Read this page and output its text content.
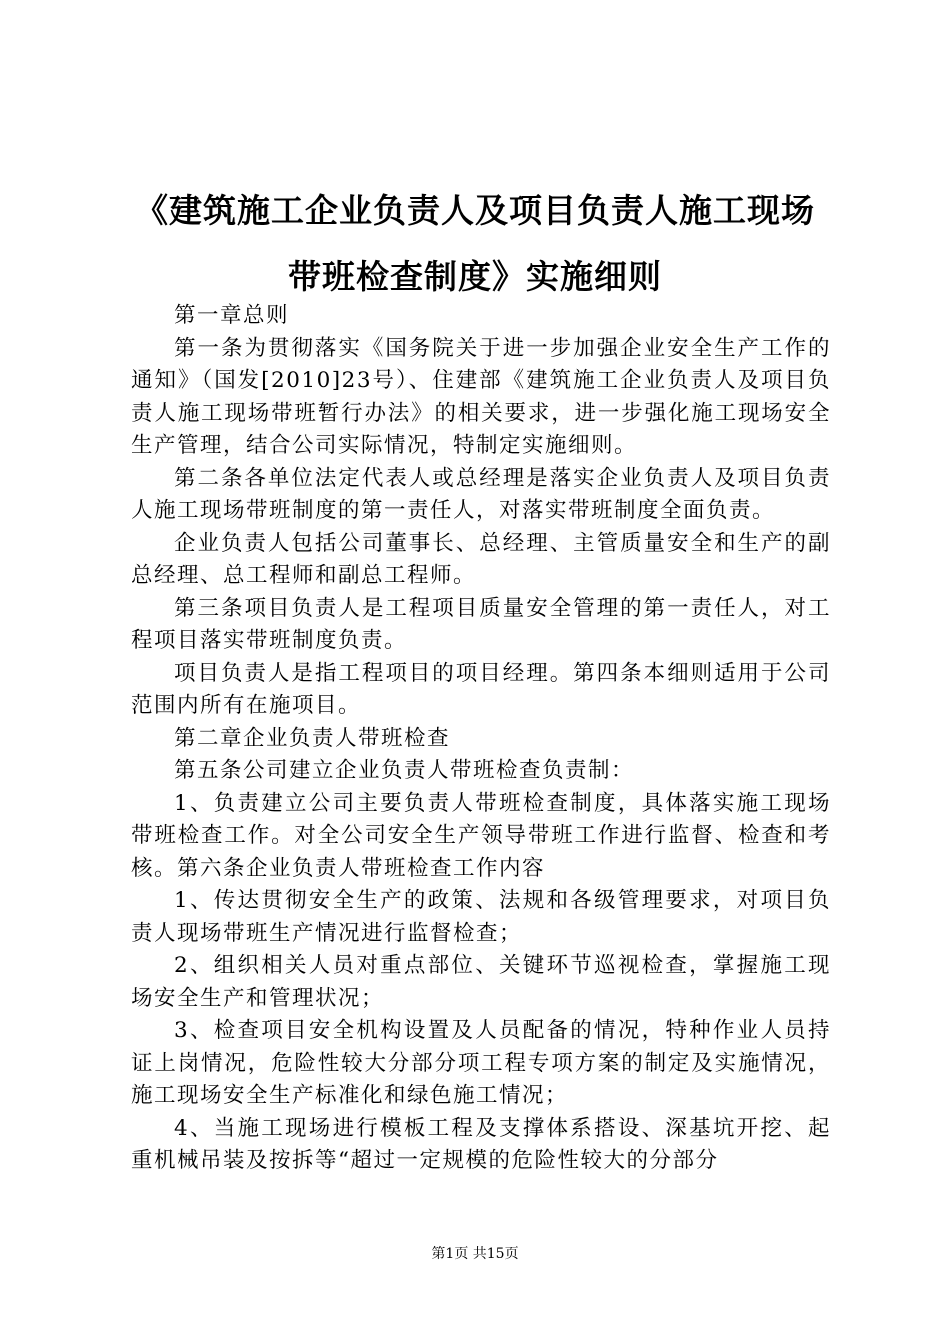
《建筑施工企业负责人及项目负责人施工现场
带班检查制度》实施细则

第一章总则

第一条为贯彻落实《国务院关于进一步加强企业安全生产工作的通知》（国发[2010]23号）、住建部《建筑施工企业负责人及项目负责人施工现场带班暂行办法》的相关要求，进一步强化施工现场安全生产管理，结合公司实际情况，特制定实施细则。

第二条各单位法定代表人或总经理是落实企业负责人及项目负责人施工现场带班制度的第一责任人，对落实带班制度全面负责。

企业负责人包括公司董事长、总经理、主管质量安全和生产的副总经理、总工程师和副总工程师。

第三条项目负责人是工程项目质量安全管理的第一责任人，对工程项目落实带班制度负责。

项目负责人是指工程项目的项目经理。第四条本细则适用于公司范围内所有在施项目。

第二章企业负责人带班检查

第五条公司建立企业负责人带班检查负责制：

1、负责建立公司主要负责人带班检查制度，具体落实施工现场带班检查工作。对全公司安全生产领导带班工作进行监督、检查和考核。第六条企业负责人带班检查工作内容

1、传达贯彻安全生产的政策、法规和各级管理要求，对项目负责人现场带班生产情况进行监督检查；

2、组织相关人员对重点部位、关键环节巡视检查，掌握施工现场安全生产和管理状况；

3、检查项目安全机构设置及人员配备的情况，特种作业人员持证上岗情况，危险性较大分部分项工程专项方案的制定及实施情况，施工现场安全生产标准化和绿色施工情况；

4、当施工现场进行模板工程及支撑体系搭设、深基坑开挖、起重机械吊装及按拆等“超过一定规模的危险性较大的分部分

第1页 共15页
